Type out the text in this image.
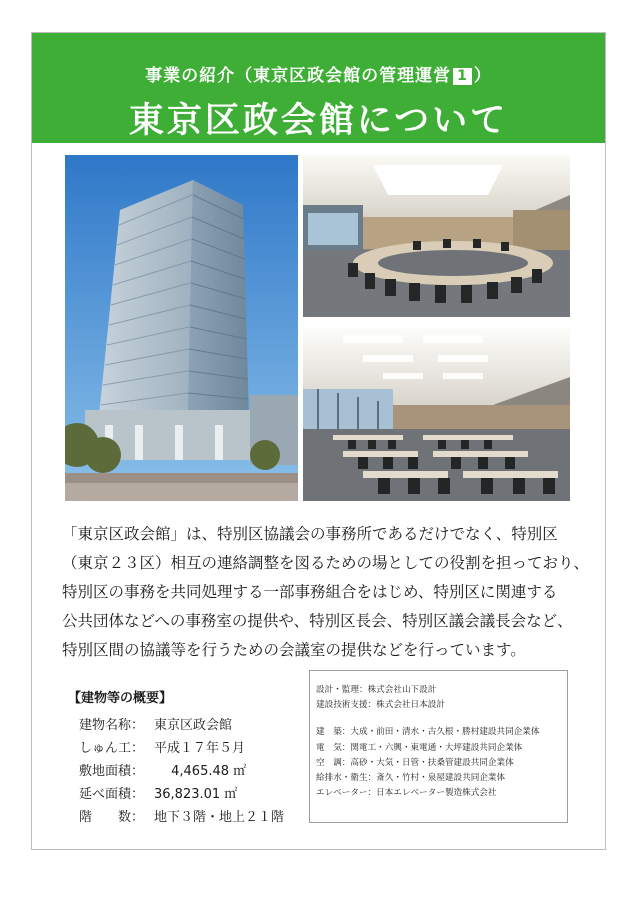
事業の紹介（東京区政会館の管理運営 1 ）
東京区政会館について

「東京区政会館」は、特別区協議会の事務所であるだけでなく、特別区

（東京２３区）相互の連絡調整を図るための場としての役割を担っており、

特別区の事務を共同処理する一部事務組合をはじめ、特別区に関連する

公共団体などへの事務室の提供や、特別区長会、特別区議会議長会など、

特別区間の協議等を行うための会議室の提供などを行っています。

【建物等の概要】
建物名称：	東京区政会館
しゅん工：	平成１７年５月
敷地面積：	　 4,465.48 ㎡
延べ面積：	36,823.01 ㎡
階　　数：	地下３階・地上２１階
設計・監理：株式会社山下設計
建設技術支援：株式会社日本設計
建　築：大成・前田・清水・古久根・勝村建設共同企業体
電　気：関電工・六興・東電通・大坪建設共同企業体
空　調：高砂・大気・日管・扶桑管建設共同企業体
給排水・衛生：斎久・竹村・泉屋建設共同企業体
エレベーター：日本エレベーター製造株式会社
